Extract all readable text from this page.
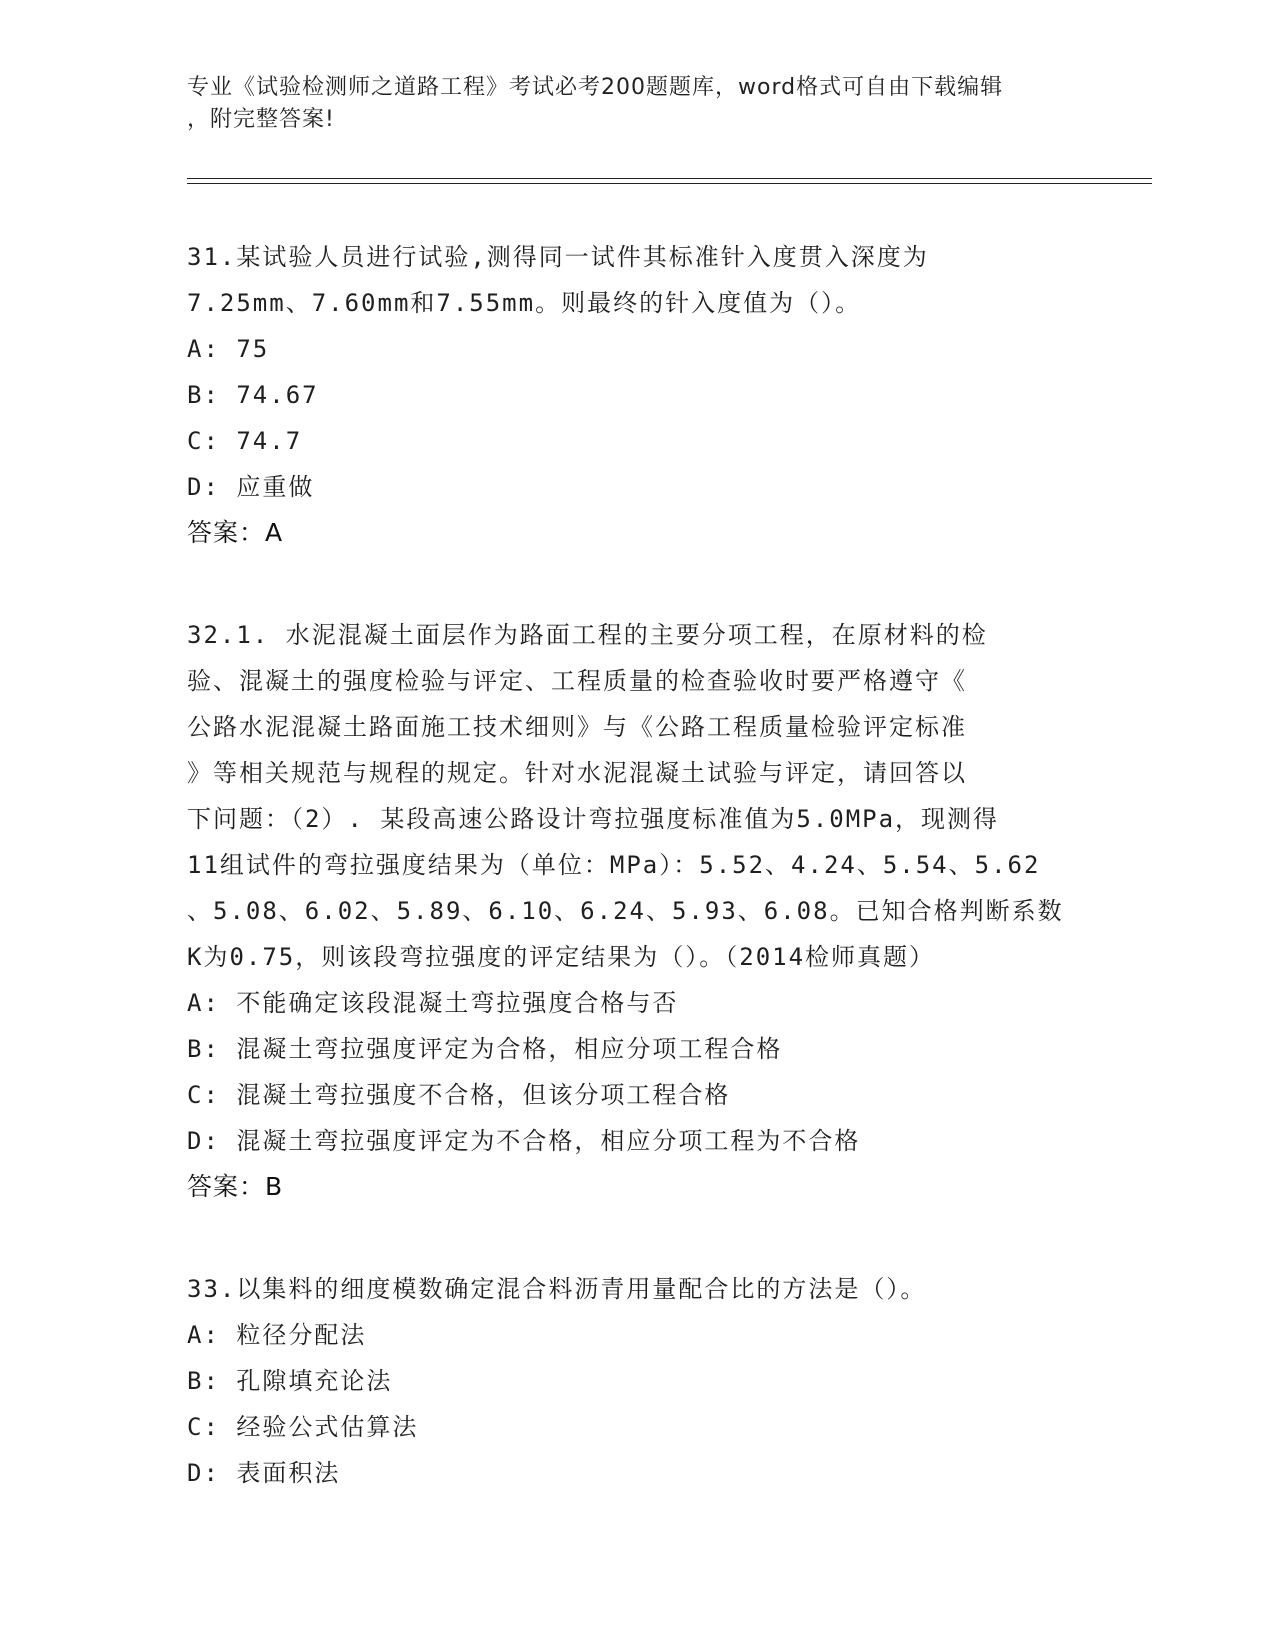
专业《试验检测师之道路工程》考试必考200题题库，word格式可自由下载编辑
，附完整答案!
31.某试验人员进行试验,测得同一试件其标准针入度贯入深度为
7.25mm、7.60mm和7.55mm。则最终的针入度值为（）。
A: 75
B: 74.67
C: 74.7
D: 应重做
答案：A
32.1. 水泥混凝土面层作为路面工程的主要分项工程，在原材料的检
验、混凝土的强度检验与评定、工程质量的检查验收时要严格遵守《
公路水泥混凝土路面施工技术细则》与《公路工程质量检验评定标准
》等相关规范与规程的规定。针对水泥混凝土试验与评定，请回答以
下问题：（2）. 某段高速公路设计弯拉强度标准值为5.0MPa，现测得
11组试件的弯拉强度结果为（单位：MPa）：5.52、4.24、5.54、5.62
、5.08、6.02、5.89、6.10、6.24、5.93、6.08。已知合格判断系数
K为0.75，则该段弯拉强度的评定结果为（）。（2014检师真题）
A: 不能确定该段混凝土弯拉强度合格与否
B: 混凝土弯拉强度评定为合格，相应分项工程合格
C: 混凝土弯拉强度不合格，但该分项工程合格
D: 混凝土弯拉强度评定为不合格，相应分项工程为不合格
答案：B
33.以集料的细度模数确定混合料沥青用量配合比的方法是（）。
A: 粒径分配法
B: 孔隙填充论法
C: 经验公式估算法
D: 表面积法
